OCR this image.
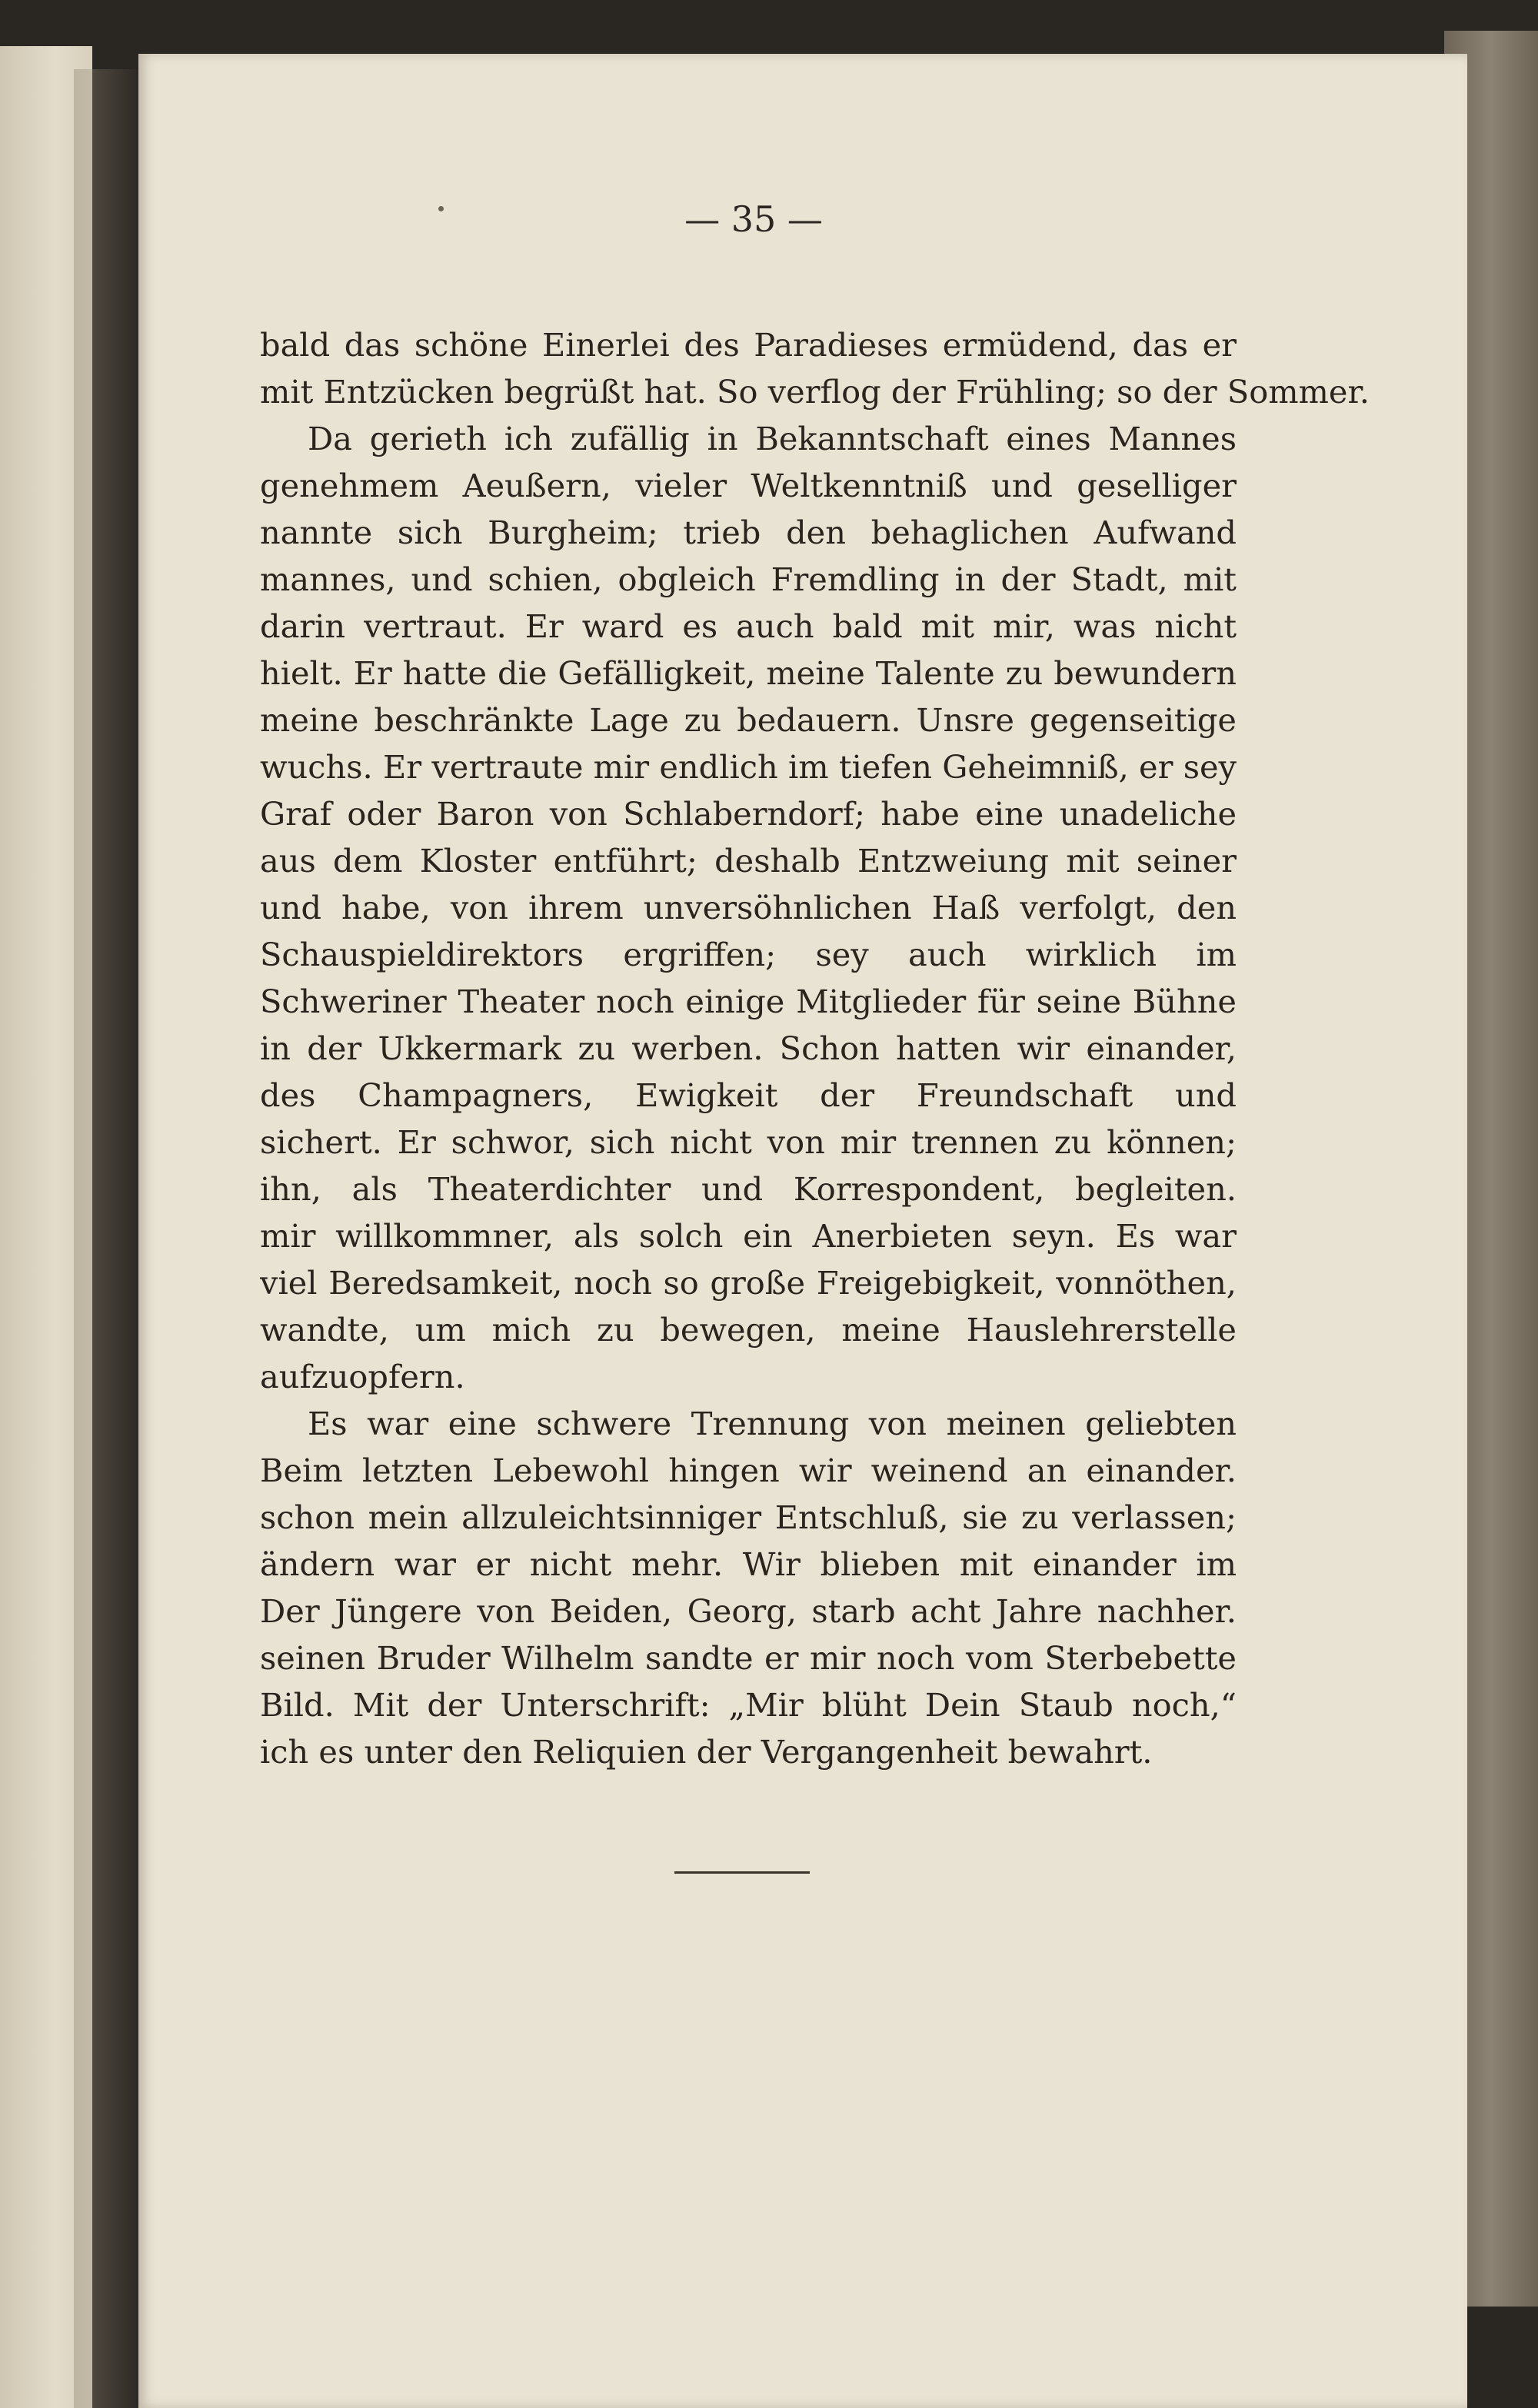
— 35 —
bald das schöne Einerlei des Paradieses ermüdend, das er
mit Entzücken begrüßt hat. So verflog der Frühling; so der Sommer.
Da gerieth ich zufällig in Bekanntschaft eines Mannes
genehmem Aeußern, vieler Weltkenntniß und geselliger
nannte sich Burgheim; trieb den behaglichen Aufwand
mannes, und schien, obgleich Fremdling in der Stadt, mit
darin vertraut. Er ward es auch bald mit mir, was nicht
hielt. Er hatte die Gefälligkeit, meine Talente zu bewundern
meine beschränkte Lage zu bedauern. Unsre gegenseitige
wuchs. Er vertraute mir endlich im tiefen Geheimniß, er sey
Graf oder Baron von Schlaberndorf; habe eine unadeliche
aus dem Kloster entführt; deshalb Entzweiung mit seiner
und habe, von ihrem unversöhnlichen Haß verfolgt, den
Schauspieldirektors ergriffen; sey auch wirklich im
Schweriner Theater noch einige Mitglieder für seine Bühne
in der Ukkermark zu werben. Schon hatten wir einander,
des Champagners, Ewigkeit der Freundschaft und
sichert. Er schwor, sich nicht von mir trennen zu können;
ihn, als Theaterdichter und Korrespondent, begleiten.
mir willkommner, als solch ein Anerbieten seyn. Es war
viel Beredsamkeit, noch so große Freigebigkeit, vonnöthen,
wandte, um mich zu bewegen, meine Hauslehrerstelle
aufzuopfern.
Es war eine schwere Trennung von meinen geliebten
Beim letzten Lebewohl hingen wir weinend an einander.
schon mein allzuleichtsinniger Entschluß, sie zu verlassen;
ändern war er nicht mehr. Wir blieben mit einander im
Der Jüngere von Beiden, Georg, starb acht Jahre nachher.
seinen Bruder Wilhelm sandte er mir noch vom Sterbebette
Bild. Mit der Unterschrift: „Mir blüht Dein Staub noch,“
ich es unter den Reliquien der Vergangenheit bewahrt.
